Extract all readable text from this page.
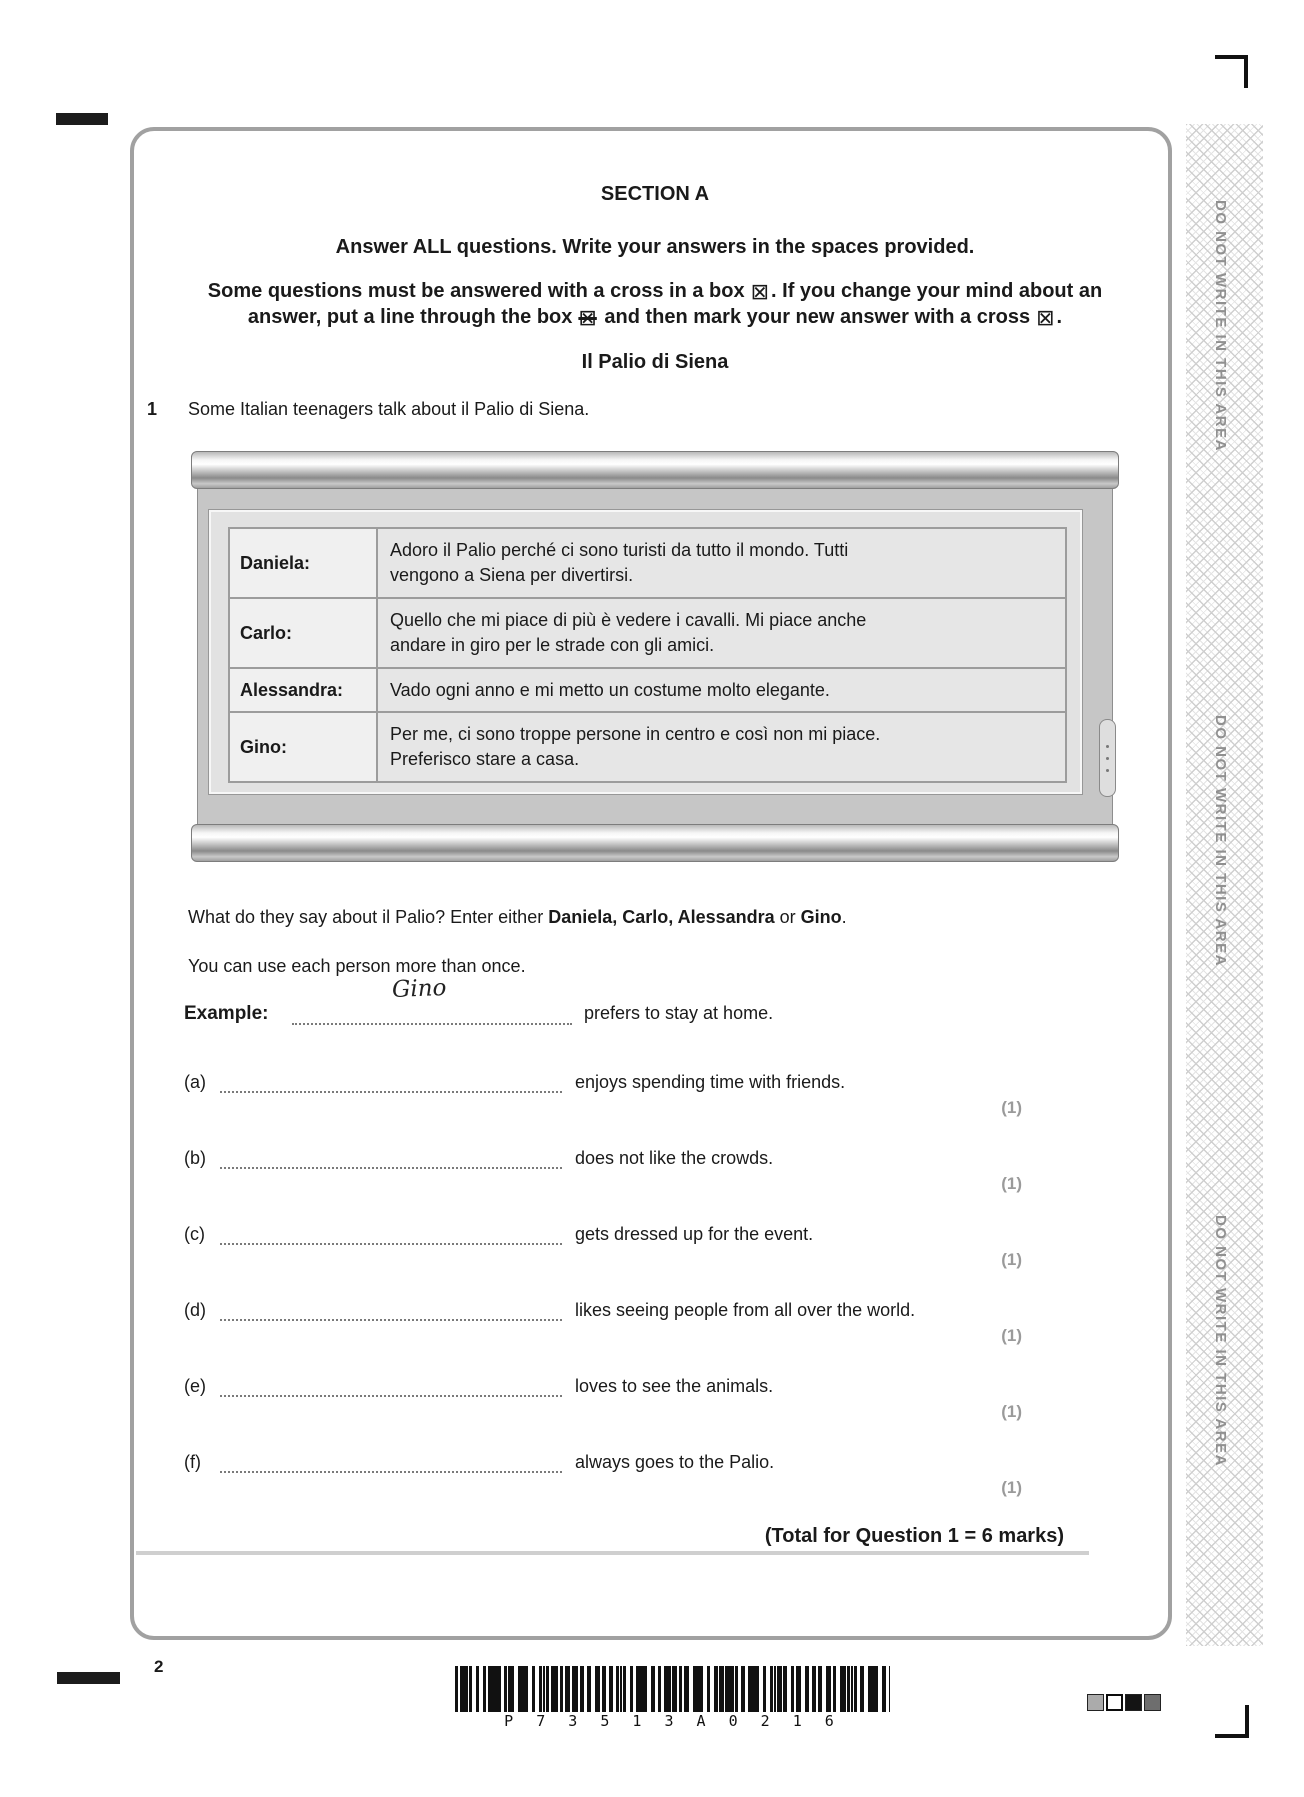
DO NOT WRITE IN THIS AREA
DO NOT WRITE IN THIS AREA
DO NOT WRITE IN THIS AREA
SECTION A
Answer ALL questions. Write your answers in the spaces provided.
Some questions must be answered with a cross in a box ⊠ . If you change your mind about an
answer, put a line through the box ⊠ and then mark your new answer with a cross ⊠ .
Il Palio di Siena
1 Some Italian teenagers talk about il Palio di Siena.
Daniela:	Adoro il Palio perché ci sono turisti da tutto il mondo. Tutti
vengono a Siena per divertirsi.

Carlo:	Quello che mi piace di più è vedere i cavalli. Mi piace anche
andare in giro per le strade con gli amici.

Alessandra:	Vado ogni anno e mi metto un costume molto elegante.

Gino:	Per me, ci sono troppe persone in centro e così non mi piace.
Preferisco stare a casa.
What do they say about il Palio? Enter either Daniela, Carlo, Alessandra or Gino.
You can use each person more than once.
Example:
Gino
prefers to stay at home.
(a)	enjoys spending time with friends.
(1)
(b)	does not like the crowds.
(1)
(c)	gets dressed up for the event.
(1)
(d)	likes seeing people from all over the world.
(1)
(e)	loves to see the animals.
(1)
(f)	always goes to the Palio.
(1)
(Total for Question 1 = 6 marks)
2
P 7 3 5 1 3 A 0 2 1 6
